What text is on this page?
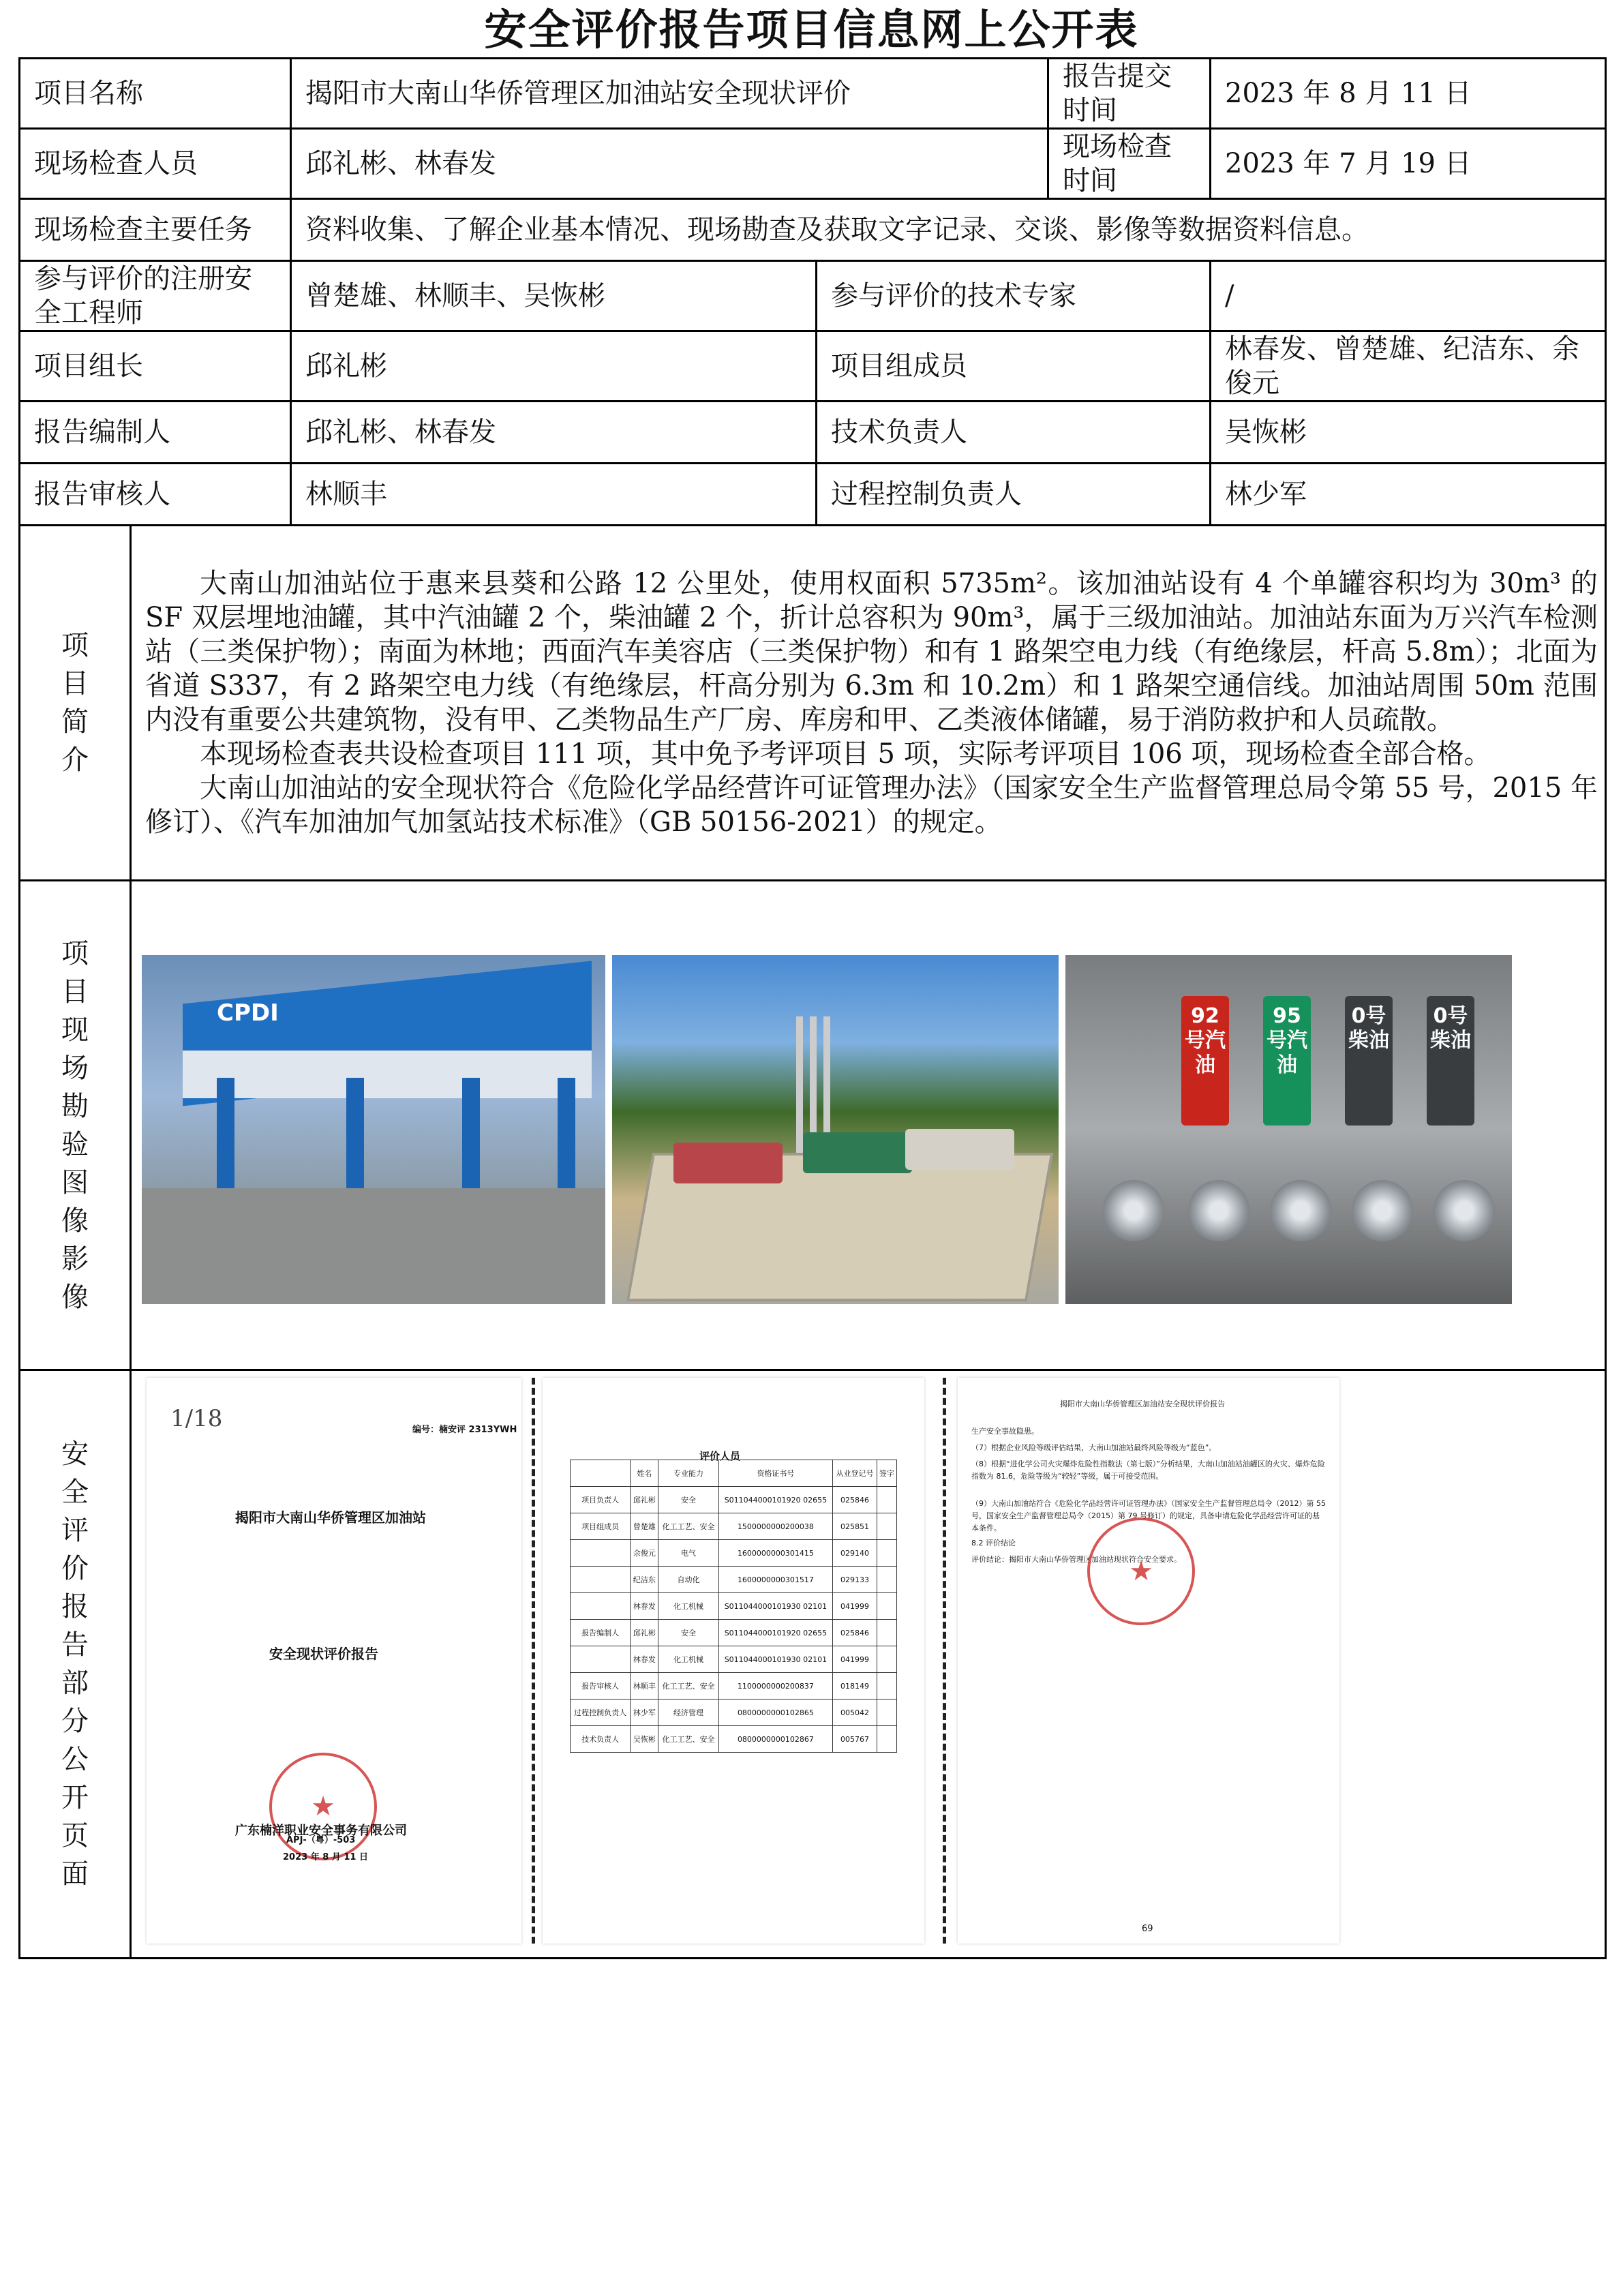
安全评价报告项目信息网上公开表
项目名称	揭阳市大南山华侨管理区加油站安全现状评价	报告提交时间	2023 年 8 月 11 日
现场检查人员	邱礼彬、林春发	现场检查时间	2023 年 7 月 19 日
现场检查主要任务	资料收集、了解企业基本情况、现场勘查及获取文字记录、交谈、影像等数据资料信息。
参与评价的注册安全工程师	曾楚雄、林顺丰、吴恢彬	参与评价的技术专家	/
项目组长	邱礼彬	项目组成员	林春发、曾楚雄、纪洁东、余俊元
报告编制人	邱礼彬、林春发	技术负责人	吴恢彬
报告审核人	林顺丰	过程控制负责人	林少军
项目简介	

大南山加油站位于惠来县葵和公路 12 公里处，使用权面积 5735m²。该加油站设有 4 个单罐容积均为 30m³ 的 SF 双层埋地油罐，其中汽油罐 2 个，柴油罐 2 个，折计总容积为 90m³，属于三级加油站。加油站东面为万兴汽车检测站（三类保护物）；南面为林地；西面汽车美容店（三类保护物）和有 1 路架空电力线（有绝缘层，杆高 5.8m）；北面为省道 S337，有 2 路架空电力线（有绝缘层，杆高分别为 6.3m 和 10.2m）和 1 路架空通信线。加油站周围 50m 范围内没有重要公共建筑物，没有甲、乙类物品生产厂房、库房和甲、乙类液体储罐，易于消防救护和人员疏散。

本现场检查表共设检查项目 111 项，其中免予考评项目 5 项，实际考评项目 106 项，现场检查全部合格。

大南山加油站的安全现状符合《危险化学品经营许可证管理办法》（国家安全生产监督管理总局令第 55 号，2015 年修订）、《汽车加油加气加氢站技术标准》（GB 50156-2021）的规定。

项目现场勘验图像影像	
CPDI	92号汽油
95号汽油
0号柴油
0号柴油

安全评价报告部分公开页面	
1/18	编号：楠安评 2313YWH
揭阳市大南山华侨管理区加油站
安全现状评价报告
★
广东楠洋职业安全事务有限公司
APJ-（粤）-503
2023 年 8 月 11 日
评价人员
	姓名	专业能力	资格证书号	从业登记号	签字
项目负责人	邱礼彬	安全	S011044000101920 02655	025846	
项目组成员	曾楚雄	化工工艺、安全	1500000000200038	025851	
	余俊元	电气	1600000000301415	029140	
	纪洁东	自动化	1600000000301517	029133	
	林春发	化工机械	S011044000101930 02101	041999	
报告编制人	邱礼彬	安全	S011044000101920 02655	025846	
	林春发	化工机械	S011044000101930 02101	041999	
报告审核人	林顺丰	化工工艺、安全	1100000000200837	018149	
过程控制负责人	林少军	经济管理	0800000000102865	005042	
技术负责人	吴恢彬	化工工艺、安全	0800000000102867	005767	
揭阳市大南山华侨管理区加油站安全现状评价报告
生产安全事故隐患。
（7）根据企业风险等级评估结果，大南山加油站最终风险等级为“蓝色”。
（8）根据“进化学公司火灾爆炸危险性指数法（第七版）”分析结果，大南山加油站油罐区的火灾、爆炸危险指数为 81.6，危险等级为“较轻”等级，属于可接受范围。
（9）大南山加油站符合《危险化学品经营许可证管理办法》（国家安全生产监督管理总局令（2012）第 55 号，国家安全生产监督管理总局令（2015）第 79 号修订）的规定，具备申请危险化学品经营许可证的基本条件。
8.2 评价结论
评价结论：揭阳市大南山华侨管理区加油站现状符合安全要求。
★
69
